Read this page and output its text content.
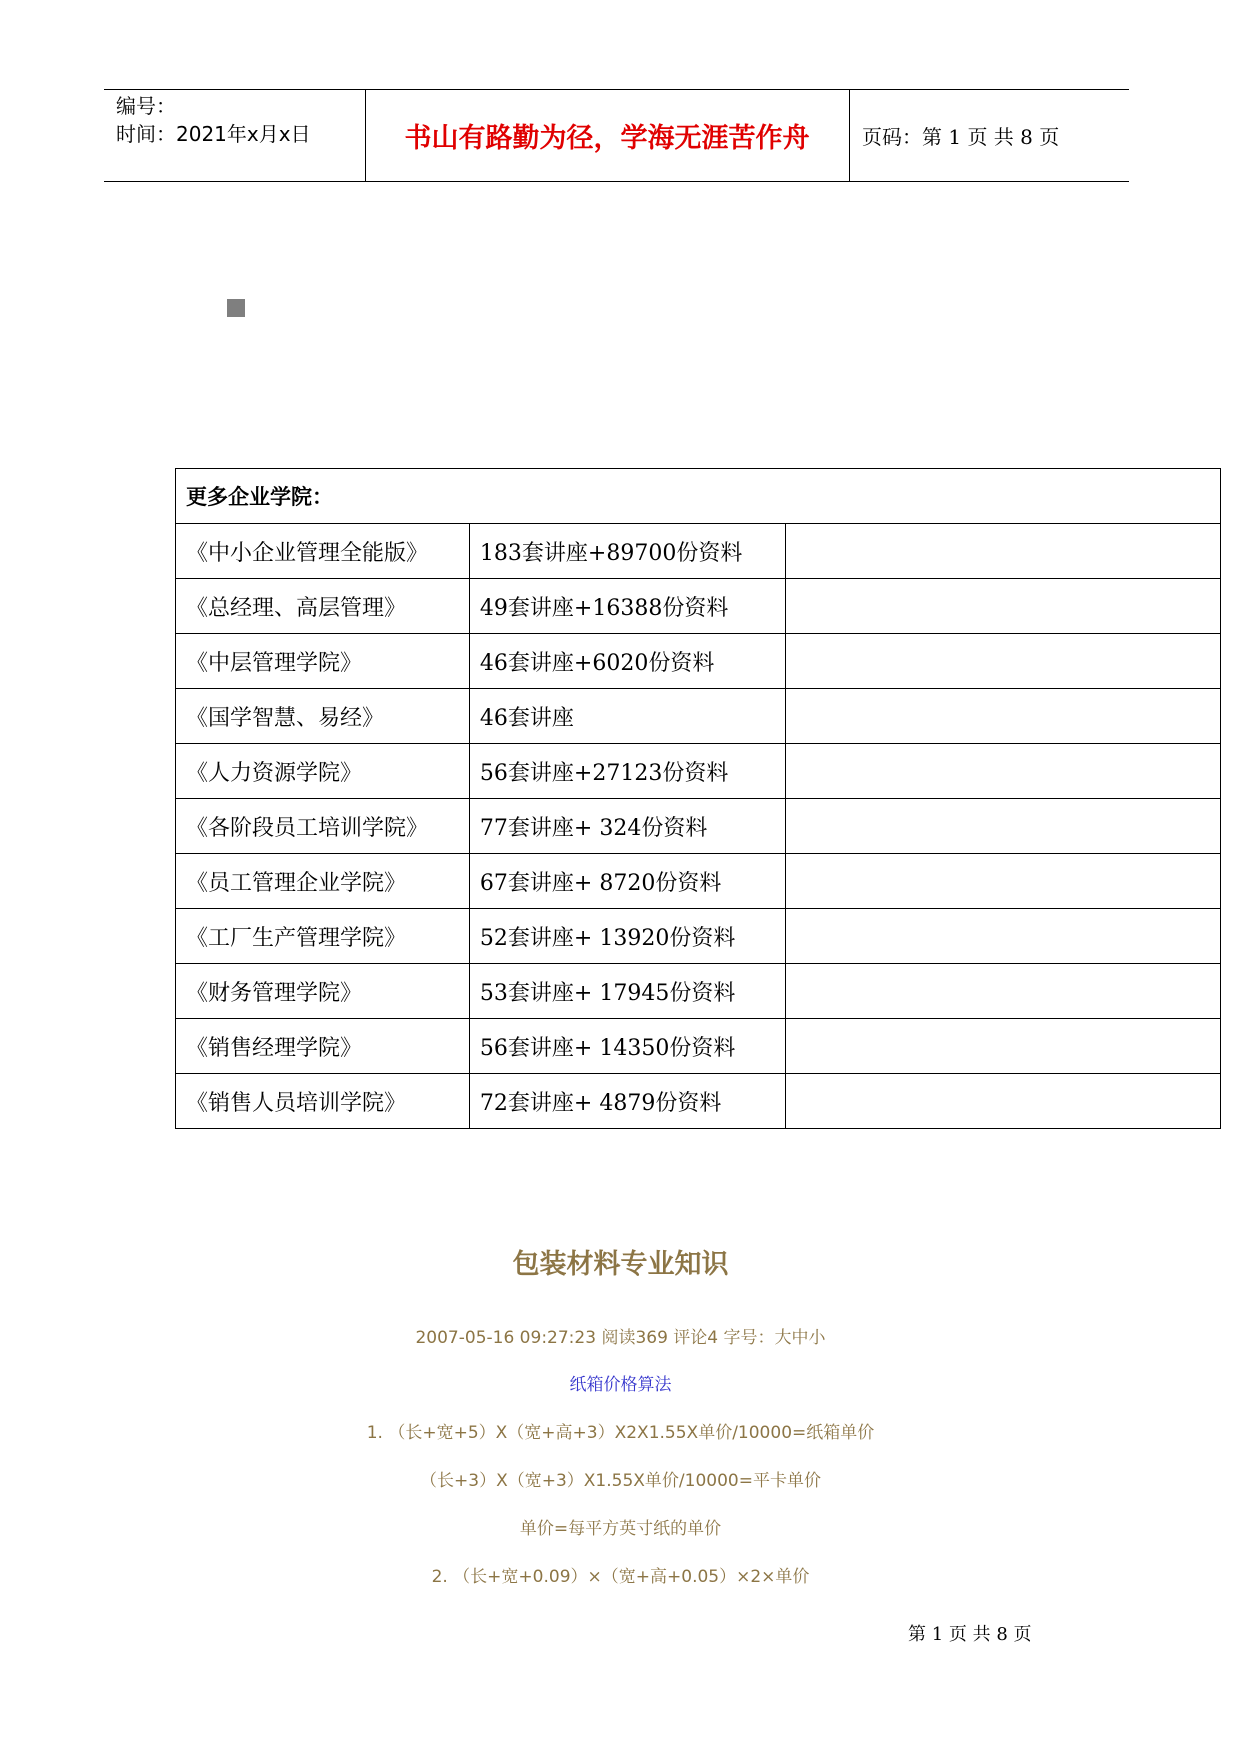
编号：
时间：2021年x月x日	书山有路勤为径，学海无涯苦作舟	页码：第 1 页 共 8 页
更多企业学院：		
《中小企业管理全能版》	183套讲座+89700份资料	
《总经理、高层管理》	49套讲座+16388份资料	
《中层管理学院》	46套讲座+6020份资料	
《国学智慧、易经》	46套讲座	
《人力资源学院》	56套讲座+27123份资料	
《各阶段员工培训学院》	77套讲座+ 324份资料	
《员工管理企业学院》	67套讲座+ 8720份资料	
《工厂生产管理学院》	52套讲座+ 13920份资料	
《财务管理学院》	53套讲座+ 17945份资料	
《销售经理学院》	56套讲座+ 14350份资料	
《销售人员培训学院》	72套讲座+ 4879份资料	
包装材料专业知识
2007-05-16 09:27:23 阅读369 评论4 字号：大中小
纸箱价格算法
1. （长+宽+5）X（宽+高+3）X2X1.55X单价/10000=纸箱单价
（长+3）X（宽+3）X1.55X单价/10000=平卡单价
单价=每平方英寸纸的单价
2. （长+宽+0.09）×（宽+高+0.05）×2×单价
第 1 页 共 8 页
